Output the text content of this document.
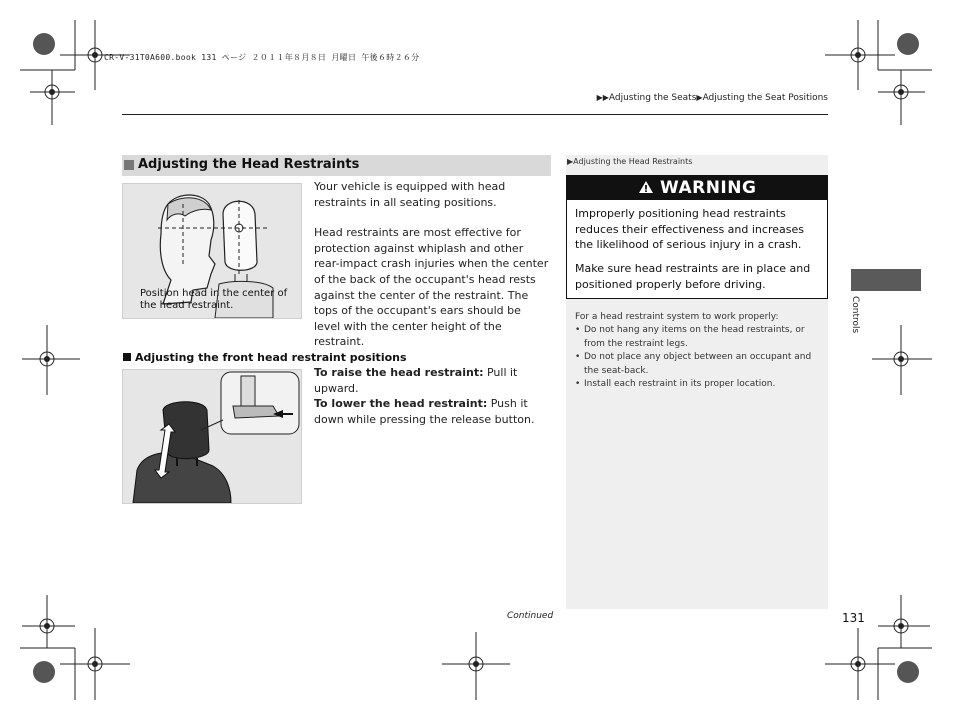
CR-V-31T0A600.book 131 ページ ２０１１年８月８日 月曜日 午後６時２６分
▶▶Adjusting the Seats▶Adjusting the Seat Positions
Adjusting the Head Restraints
Position head in the center of the head restraint.
Your vehicle is equipped with head restraints in all seating positions.
Head restraints are most effective for protection against whiplash and other rear-impact crash injuries when the center of the back of the occupant's head rests against the center of the restraint. The tops of the occupant's ears should be level with the center height of the restraint.
Adjusting the front head restraint positions
To raise the head restraint: Pull it upward.
To lower the head restraint: Push it down while pressing the release button.
▶Adjusting the Head Restraints
WARNING
Improperly positioning head restraints reduces their effectiveness and increases the likelihood of serious injury in a crash.
Make sure head restraints are in place and positioned properly before driving.
For a head restraint system to work properly:
• Do not hang any items on the head restraints, or from the restraint legs.
• Do not place any object between an occupant and the seat-back.
• Install each restraint in its proper location.
Controls
Continued	131
